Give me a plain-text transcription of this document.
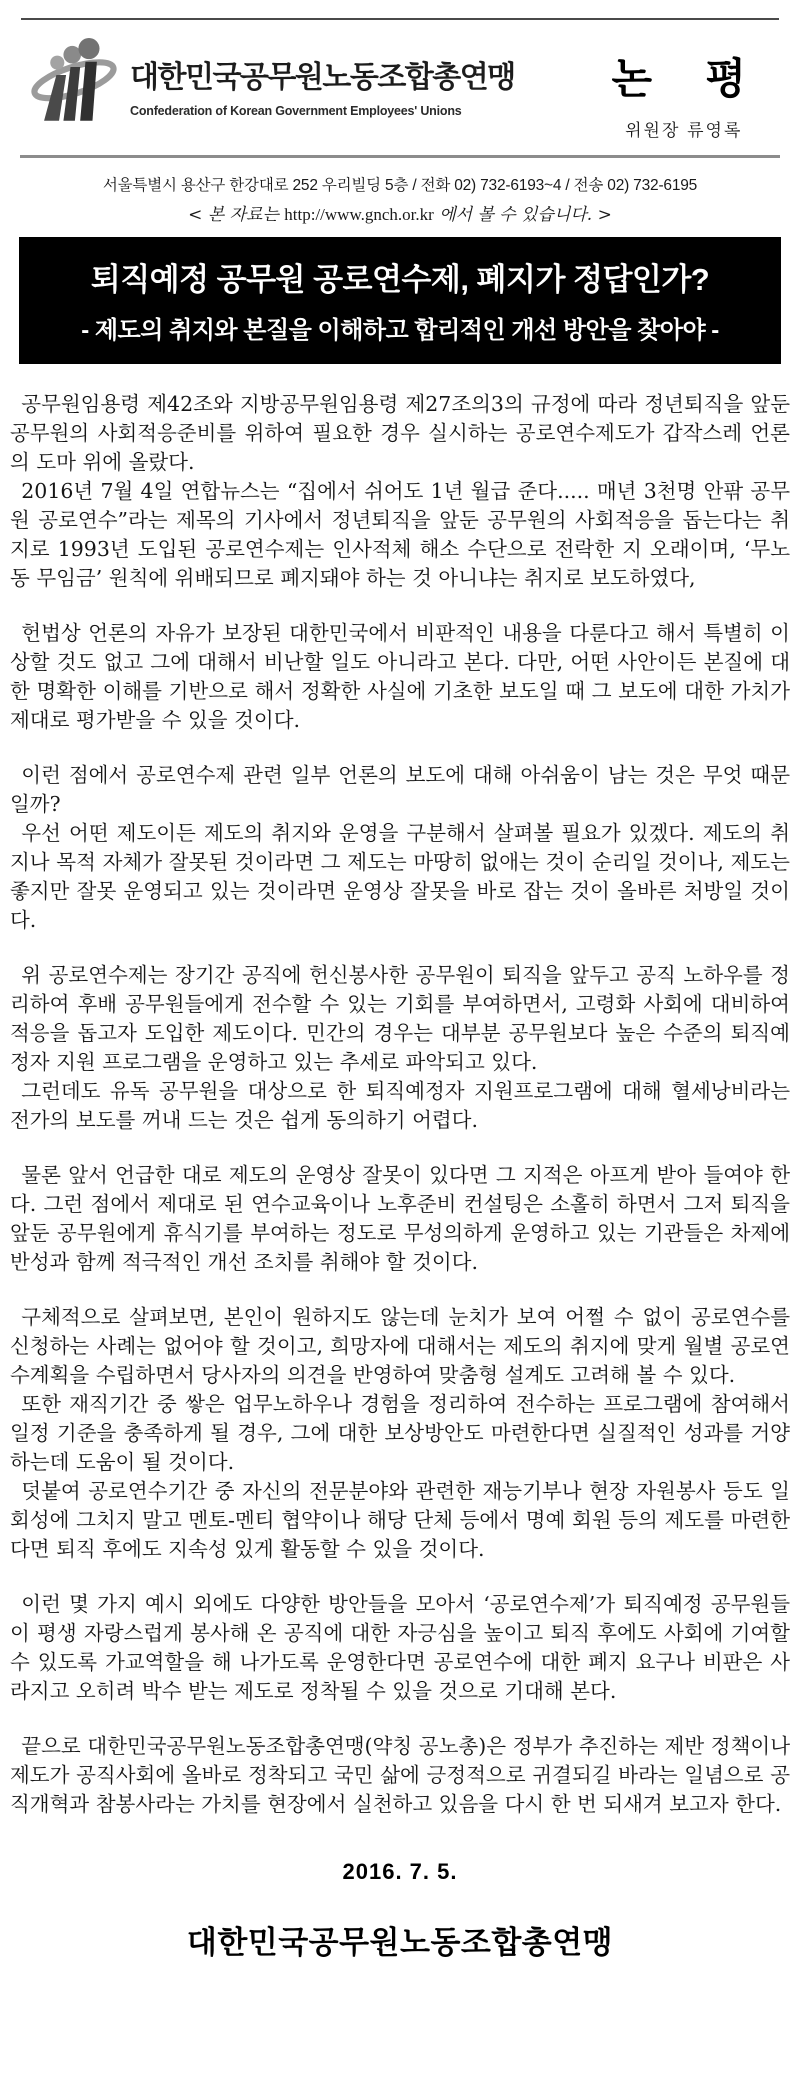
대한민국공무원노동조합총연맹
Confederation of Korean Government Employees' Unions
논  평
위원장 류영록
서울특별시 용산구 한강대로 252 우리빌딩 5층 / 전화 02) 732-6193~4 / 전송 02) 732-6195
< 본 자료는 http://www.gnch.or.kr 에서 볼 수 있습니다. >
퇴직예정 공무원 공로연수제, 폐지가 정답인가?
- 제도의 취지와 본질을 이해하고 합리적인 개선 방안을 찾아야 -

공무원임용령 제42조와 지방공무원임용령 제27조의3의 규정에 따라 정년퇴직을 앞둔 공무원의 사회적응준비를 위하여 필요한 경우 실시하는 공로연수제도가 갑작스레 언론의 도마 위에 올랐다.

2016년 7월 4일 연합뉴스는 “집에서 쉬어도 1년 월급 준다..... 매년 3천명 안팎 공무원 공로연수”라는 제목의 기사에서 정년퇴직을 앞둔 공무원의 사회적응을 돕는다는 취지로 1993년 도입된 공로연수제는 인사적체 해소 수단으로 전락한 지 오래이며, ‘무노동 무임금’ 원칙에 위배되므로 폐지돼야 하는 것 아니냐는 취지로 보도하였다,

헌법상 언론의 자유가 보장된 대한민국에서 비판적인 내용을 다룬다고 해서 특별히 이상할 것도 없고 그에 대해서 비난할 일도 아니라고 본다. 다만, 어떤 사안이든 본질에 대한 명확한 이해를 기반으로 해서 정확한 사실에 기초한 보도일 때 그 보도에 대한 가치가 제대로 평가받을 수 있을 것이다.

이런 점에서 공로연수제 관련 일부 언론의 보도에 대해 아쉬움이 남는 것은 무엇 때문일까?

우선 어떤 제도이든 제도의 취지와 운영을 구분해서 살펴볼 필요가 있겠다. 제도의 취지나 목적 자체가 잘못된 것이라면 그 제도는 마땅히 없애는 것이 순리일 것이나, 제도는 좋지만 잘못 운영되고 있는 것이라면 운영상 잘못을 바로 잡는 것이 올바른 처방일 것이다.

위 공로연수제는 장기간 공직에 헌신봉사한 공무원이 퇴직을 앞두고 공직 노하우를 정리하여 후배 공무원들에게 전수할 수 있는 기회를 부여하면서, 고령화 사회에 대비하여 적응을 돕고자 도입한 제도이다. 민간의 경우는 대부분 공무원보다 높은 수준의 퇴직예정자 지원 프로그램을 운영하고 있는 추세로 파악되고 있다.

그런데도 유독 공무원을 대상으로 한 퇴직예정자 지원프로그램에 대해 혈세낭비라는 전가의 보도를 꺼내 드는 것은 쉽게 동의하기 어렵다.

물론 앞서 언급한 대로 제도의 운영상 잘못이 있다면 그 지적은 아프게 받아 들여야 한다. 그런 점에서 제대로 된 연수교육이나 노후준비 컨설팅은 소홀히 하면서 그저 퇴직을 앞둔 공무원에게 휴식기를 부여하는 정도로 무성의하게 운영하고 있는 기관들은 차제에 반성과 함께 적극적인 개선 조치를 취해야 할 것이다.

구체적으로 살펴보면, 본인이 원하지도 않는데 눈치가 보여 어쩔 수 없이 공로연수를 신청하는 사례는 없어야 할 것이고, 희망자에 대해서는 제도의 취지에 맞게 월별 공로연수계획을 수립하면서 당사자의 의견을 반영하여 맞춤형 설계도 고려해 볼 수 있다.

또한 재직기간 중 쌓은 업무노하우나 경험을 정리하여 전수하는 프로그램에 참여해서 일정 기준을 충족하게 될 경우, 그에 대한 보상방안도 마련한다면 실질적인 성과를 거양하는데 도움이 될 것이다.

덧붙여 공로연수기간 중 자신의 전문분야와 관련한 재능기부나 현장 자원봉사 등도 일회성에 그치지 말고 멘토-멘티 협약이나 해당 단체 등에서 명예 회원 등의 제도를 마련한다면 퇴직 후에도 지속성 있게 활동할 수 있을 것이다.

이런 몇 가지 예시 외에도 다양한 방안들을 모아서 ‘공로연수제’가 퇴직예정 공무원들이 평생 자랑스럽게 봉사해 온 공직에 대한 자긍심을 높이고 퇴직 후에도 사회에 기여할 수 있도록 가교역할을 해 나가도록 운영한다면 공로연수에 대한 폐지 요구나 비판은 사라지고 오히려 박수 받는 제도로 정착될 수 있을 것으로 기대해 본다.

끝으로 대한민국공무원노동조합총연맹(약칭 공노총)은 정부가 추진하는 제반 정책이나 제도가 공직사회에 올바로 정착되고 국민 삶에 긍정적으로 귀결되길 바라는 일념으로 공직개혁과 참봉사라는 가치를 현장에서 실천하고 있음을 다시 한 번 되새겨 보고자 한다.

2016. 7. 5.
대한민국공무원노동조합총연맹
